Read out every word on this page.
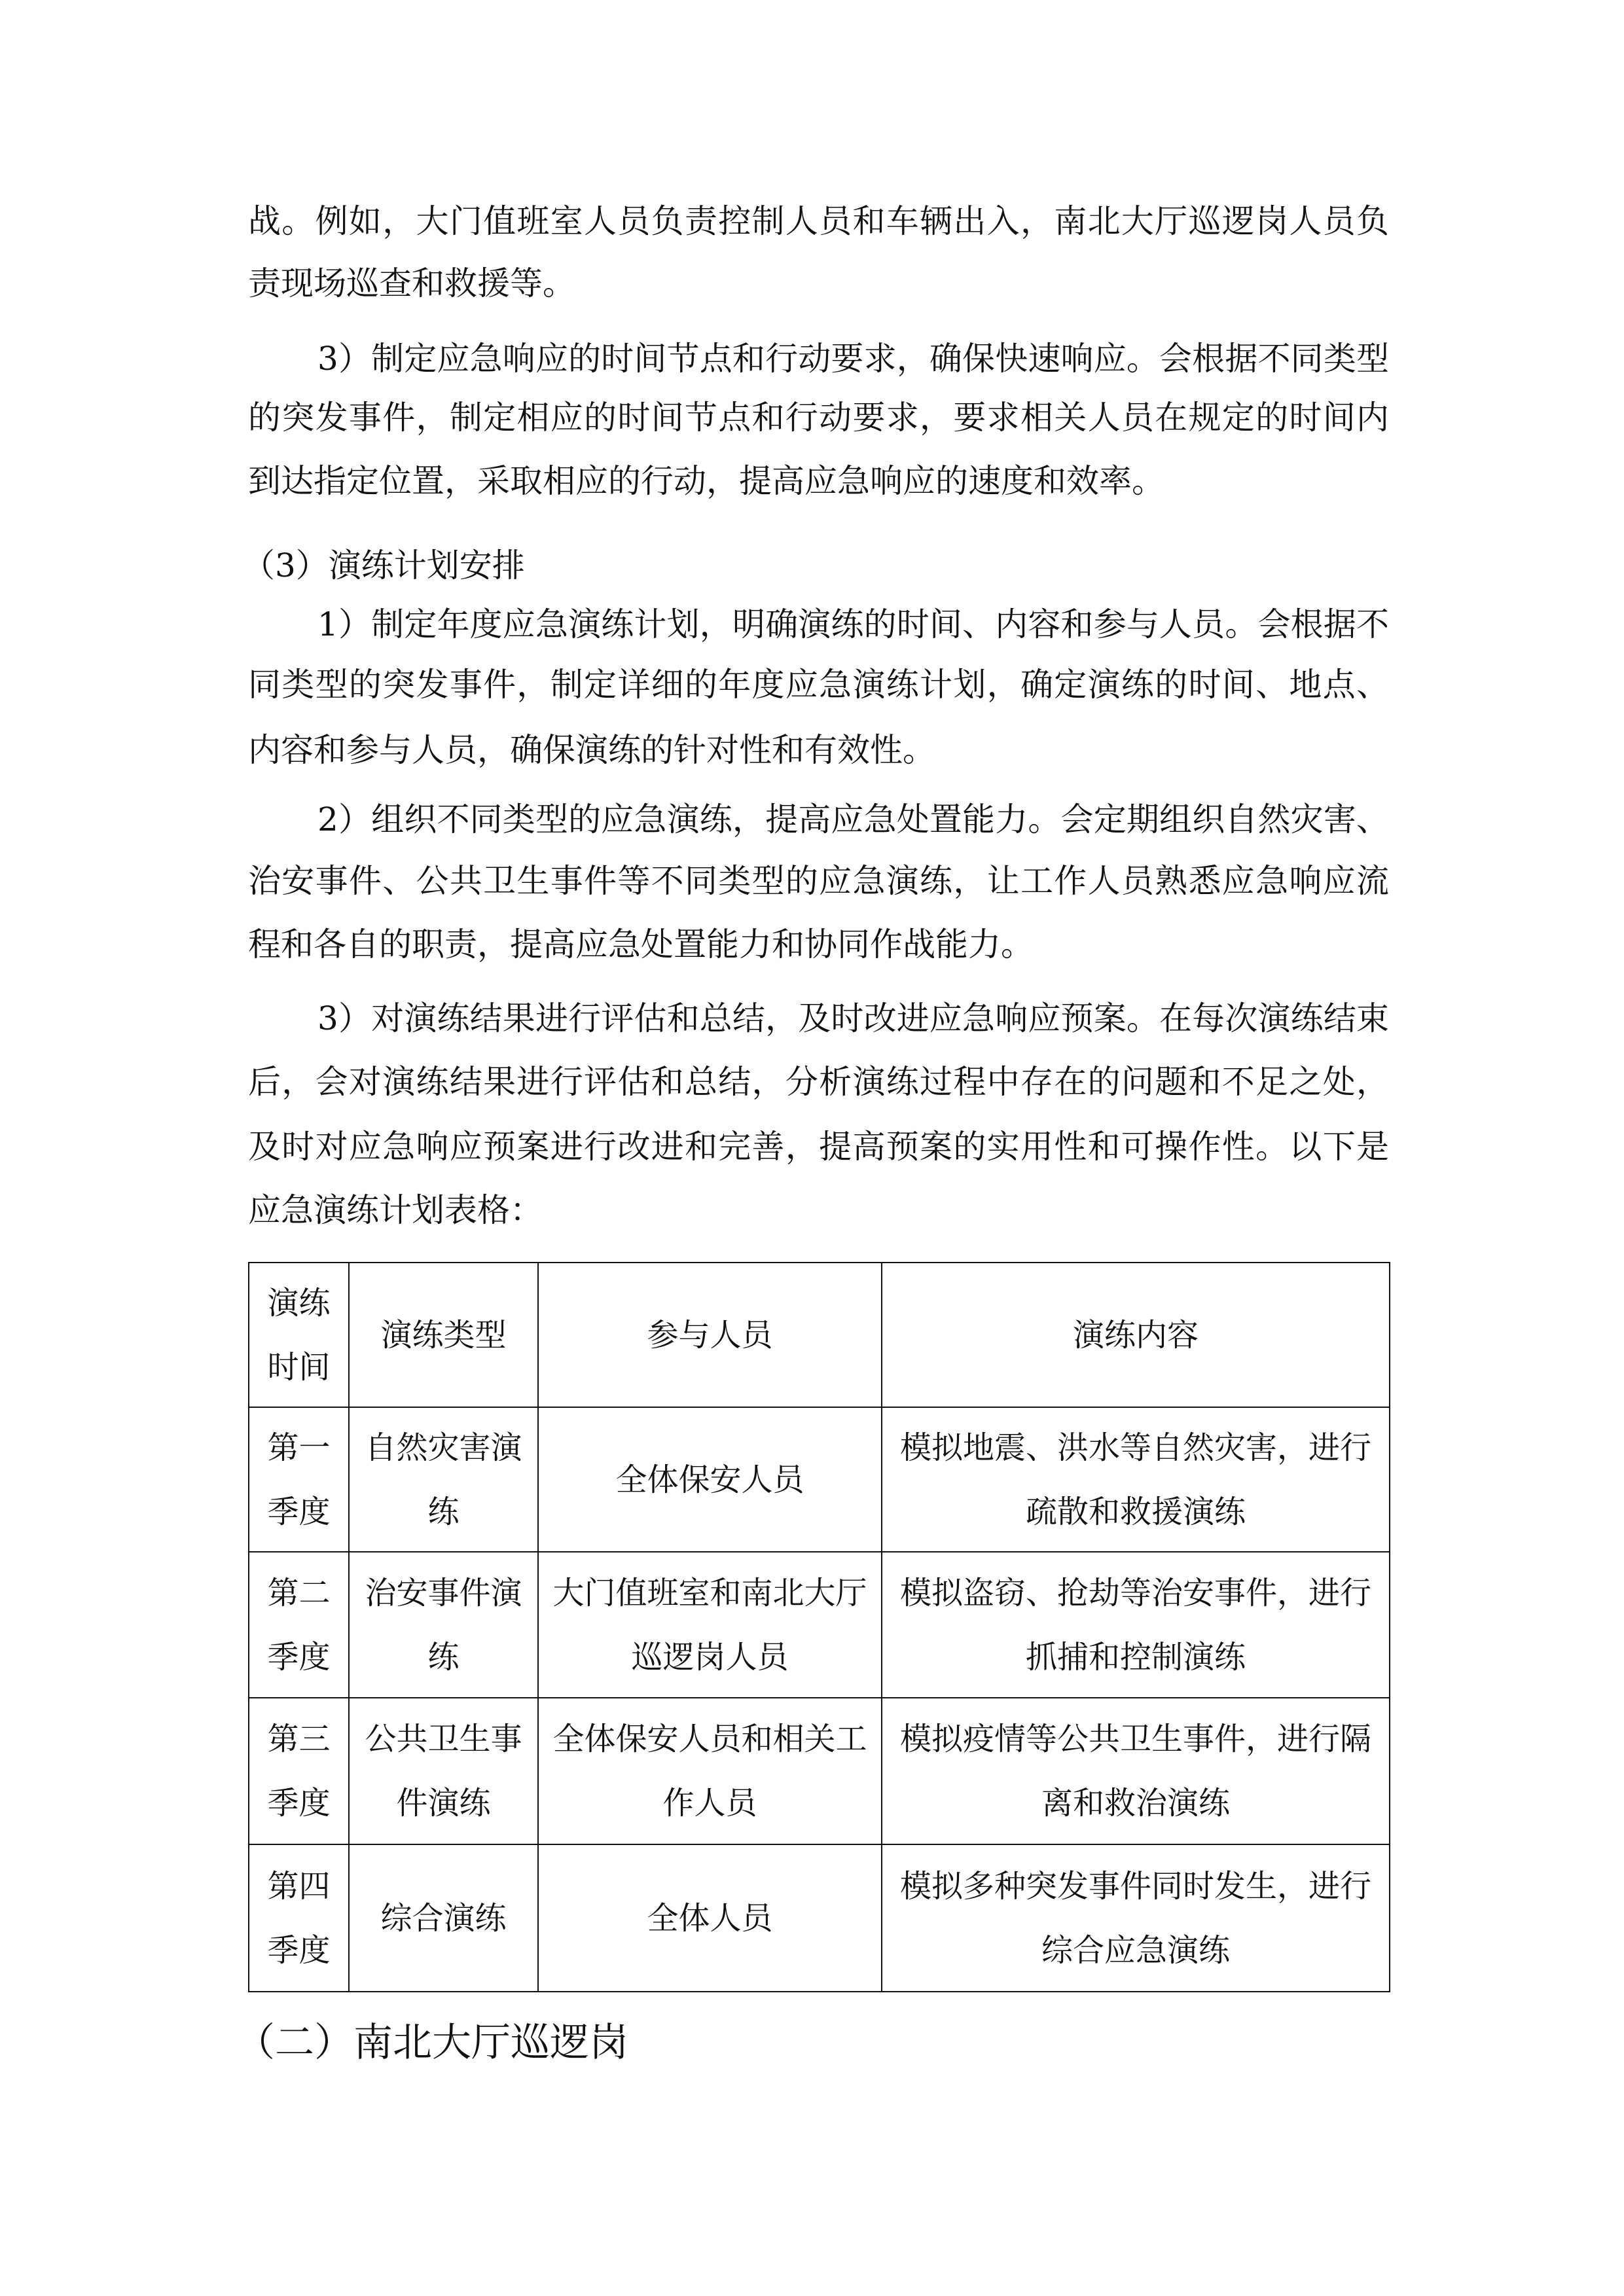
战。例如，大门值班室人员负责控制人员和车辆出入，南北大厅巡逻岗人员负
责现场巡查和救援等。
3）制定应急响应的时间节点和行动要求，确保快速响应。会根据不同类型
的突发事件，制定相应的时间节点和行动要求，要求相关人员在规定的时间内
到达指定位置，采取相应的行动，提高应急响应的速度和效率。
（3）演练计划安排
1）制定年度应急演练计划，明确演练的时间、内容和参与人员。会根据不
同类型的突发事件，制定详细的年度应急演练计划，确定演练的时间、地点、
内容和参与人员，确保演练的针对性和有效性。
2）组织不同类型的应急演练，提高应急处置能力。会定期组织自然灾害、
治安事件、公共卫生事件等不同类型的应急演练，让工作人员熟悉应急响应流
程和各自的职责，提高应急处置能力和协同作战能力。
3）对演练结果进行评估和总结，及时改进应急响应预案。在每次演练结束
后，会对演练结果进行评估和总结，分析演练过程中存在的问题和不足之处，
及时对应急响应预案进行改进和完善，提高预案的实用性和可操作性。以下是
应急演练计划表格：
演练时间	演练类型	参与人员	演练内容
第一季度	自然灾害演练	全体保安人员	模拟地震、洪水等自然灾害，进行疏散和救援演练
第二季度	治安事件演练	大门值班室和南北大厅巡逻岗人员	模拟盗窃、抢劫等治安事件，进行抓捕和控制演练
第三季度	公共卫生事件演练	全体保安人员和相关工作人员	模拟疫情等公共卫生事件，进行隔离和救治演练
第四季度	综合演练	全体人员	模拟多种突发事件同时发生，进行综合应急演练
（二）南北大厅巡逻岗
